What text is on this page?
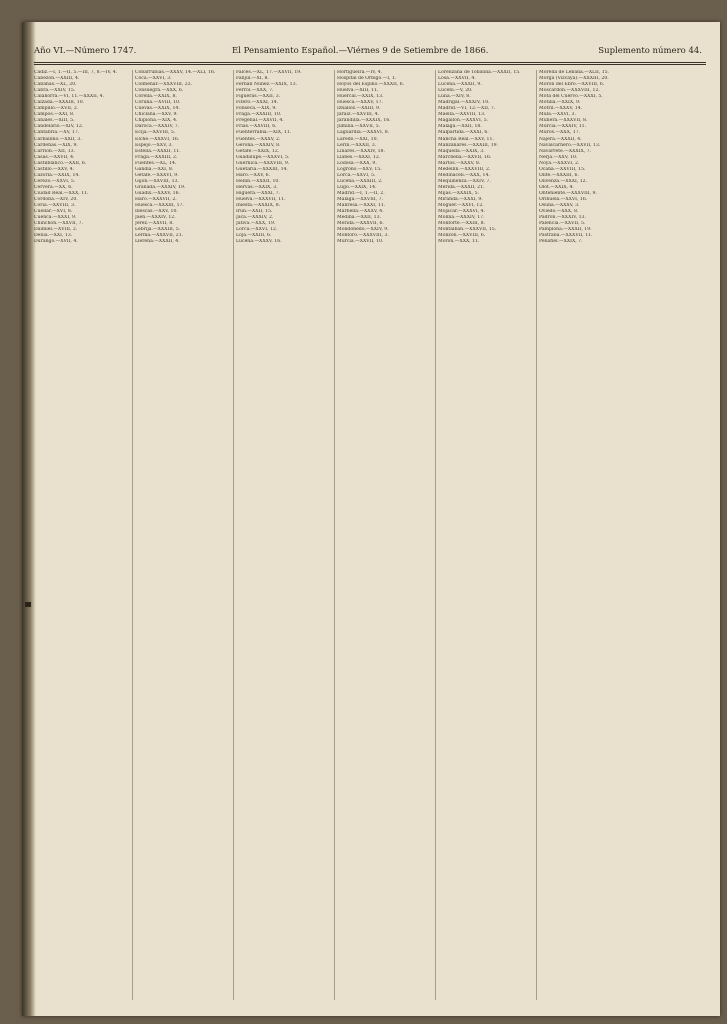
Año VI.—Número 1747.	El Pensamiento Español.—Viérnes 9 de Setiembre de 1866.	Suplemento número 44.
Cadiz.—I, 1.—II, 5.—III, 7, 8.—IV, 4.
Cabezon.—XXIII, 4.
Cabañas.—XL, 20.
Cabra.—XXIV, 15.
Calahorra.—VI, 11.—XXXII, 4.
Calzada.—XXXIII, 10.
Campillo.—XVII, 2.
Campos.—XXI, 8.
Canales.—XIII, 5.
Candelario.—XIV, 12.
Cantabria.—XV, 17.
Carballino.—XXII, 3.
Cardenas.—XIX, 9.
Carrion.—XII, 13.
Casas.—XXVII, 4.
Castilblanco.—XXII, 6.
Castillo.—XXV, 4.
Cazorla.—XXIX, 14.
Cerezo.—XXVI, 5.
Cervera.—XX, 6.
Ciudad Real.—XXX, 11.
Cordoba.—XIV, 20.
Coria.—XXVIII, 3.
Cuellar.—XVI, 8.
Cuenca.—XXXI, 9.
Chinchon.—XXVII, 7.
Daimiel.—XVIII, 2.
Denia.—XXI, 13.
Durango.—XVII, 4.
Cobarrubias.—XXXV, 14.—XLI, 16.
Coca.—XXVI, 3.
Colmenar.—XXXVIII, 23.
Consuegra.—XXX, 6.
Corella.—XXIX, 8.
Coruña.—XVIII, 10.
Cuevas.—XXIX, 14.
Chiclana.—XXV, 9.
Chipiona.—XIX, 4.
Daroca.—XXXIV, 7.
Ecija.—XXVIII, 5.
Elche.—XXXVI, 16.
Espejo.—XXV, 3.
Estella.—XXXII, 11.
Fraga.—XXXIII, 2.
Fuentes.—XL, 14.
Gandia.—XXI, 8.
Getafe.—XXXVI, 9.
Gijon.—XXVIII, 13.
Granada.—XXXIV, 19.
Guadix.—XXXV, 16.
Haro.—XXXVII, 2.
Huesca.—XXXIII, 17.
Illescas.—XXV, 10.
Jaen.—XXXIV, 12.
Jerez.—XXVII, 8.
Lebrija.—XXXIII, 5.
Lerma.—XXXVII, 21.
Llerena.—XXXII, 4.
Falces.—XL, 17.—XXVII, 19.
Fanjul.—XI, 8.
Fernan Nuñez.—XXIX, 13.
Ferrol.—XXX, 7.
Figueras.—XXII, 3.
Fitero.—XXXI, 14.
Fonseca.—XIX, 9.
Fraga.—XXXIII, 10.
Fregenal.—XXVII, 4.
Frias.—XXVIII, 6.
Fuenterrabia.—XIX, 11.
Fuentes.—XXXV, 2.
Gerona.—XXXIV, 8.
Getafe.—XXIX, 12.
Guadalupe.—XXXVI, 5.
Guernica.—XXXVIII, 9.
Guetaria.—XXXIII, 14.
Haro.—XXV, 6.
Hellin.—XXXII, 10.
Hervas.—XXIX, 3.
Higuera.—XXXI, 7.
Huelva.—XXXVII, 11.
Iniesta.—XXXIX, 8.
Irun.—XXII, 15.
Jaca.—XXXIV, 2.
Jativa.—XXX, 19.
Lorca.—XXVI, 12.
Loja.—XXIII, 6.
Lucena.—XXXV, 16.
Hortigueira.—IV, 4.
Hospital de Orbigo.—I, 1.
Hoyos del Espino.—XXXII, 6.
Huelva.—XIII, 11.
Huércal.—XXIX, 13.
Huesca.—XXXV, 17.
Iznalloz.—XXIII, 9.
Jaraiz.—XXVIII, 4.
Jarandilla.—XXXIX, 16.
Jumilla.—XXVII, 5.
Laguardia.—XXXVI, 8.
Laredo.—XXI, 10.
Lerín.—XXXII, 3.
Linares.—XXXIV, 18.
Llanes.—XXXI, 12.
Lodosa.—XXX, 9.
Logroño.—XXV, 15.
Lorca.—XXVI, 5.
Lucena.—XXXIII, 2.
Lugo.—XXIX, 14.
Madrid.—I, 1.—II, 2.
Malaga.—XXVIII, 7.
Manresa.—XXXI, 11.
Marbella.—XXXV, 4.
Medina.—XXII, 13.
Merida.—XXXVII, 6.
Mondoñedo.—XXIV, 9.
Montoro.—XXXVIII, 3.
Murcia.—XXVII, 10.
Lorenzana de Tobalina.—XXXII, 15.
Losa.—XXVII, 4.
Lucena.—XXXII, 9.
Luceni.—V, 20.
Luna.—XIV, 8.
Madrigal.—XXXIV, 10.
Madrid.—VI, 12.—XII, 7.
Maella.—XXVIII, 13.
Magallon.—XXXVI, 5.
Malaga.—XXII, 18.
Malpartida.—XXXI, 6.
Mancha Real.—XXV, 11.
Manzanares.—XXXIII, 19.
Maqueda.—XXIX, 3.
Marchena.—XXVII, 16.
Martos.—XXXV, 8.
Medellin.—XXXVIII, 2.
Medinaceli.—XXX, 14.
Mequinenza.—XXIV, 7.
Mérida.—XXXII, 21.
Mijas.—XXXIX, 5.
Miranda.—XXXI, 9.
Moguer.—XXVI, 12.
Mojacar.—XXXVI, 4.
Molina.—XXXIV, 17.
Monforte.—XXIII, 8.
Montalban.—XXXVII, 15.
Monzon.—XXVIII, 6.
Moron.—XXX, 11.
Morella de Lebaña.—XLII, 15.
Morga (Vizcaya).—XXXIII, 20.
Morón del Ebro.—XXVIII, 6.
Moscardón.—XXXVIII, 12.
Mota del Cuervo.—XXXI, 5.
Motilla.—XXIX, 9.
Motril.—XXXV, 14.
Mula.—XXVI, 3.
Munera.—XXXVII, 8.
Murcia.—XXXIV, 11.
Muros.—XXX, 17.
Nájera.—XXXII, 4.
Navalcarnero.—XXVII, 13.
Navarrete.—XXXIX, 7.
Nerja.—XXV, 10.
Noya.—XXXVI, 2.
Ocaña.—XXVIII, 15.
Olite.—XXXIII, 6.
Olivenza.—XXXI, 12.
Olot.—XXIX, 4.
Onteniente.—XXXVIII, 9.
Orihuela.—XXVI, 16.
Osuna.—XXXV, 3.
Oviedo.—XXX, 8.
Padron.—XXXIV, 13.
Palencia.—XXVII, 5.
Pamplona.—XXXII, 19.
Pastrana.—XXXVII, 11.
Peñafiel.—XXIX, 7.
